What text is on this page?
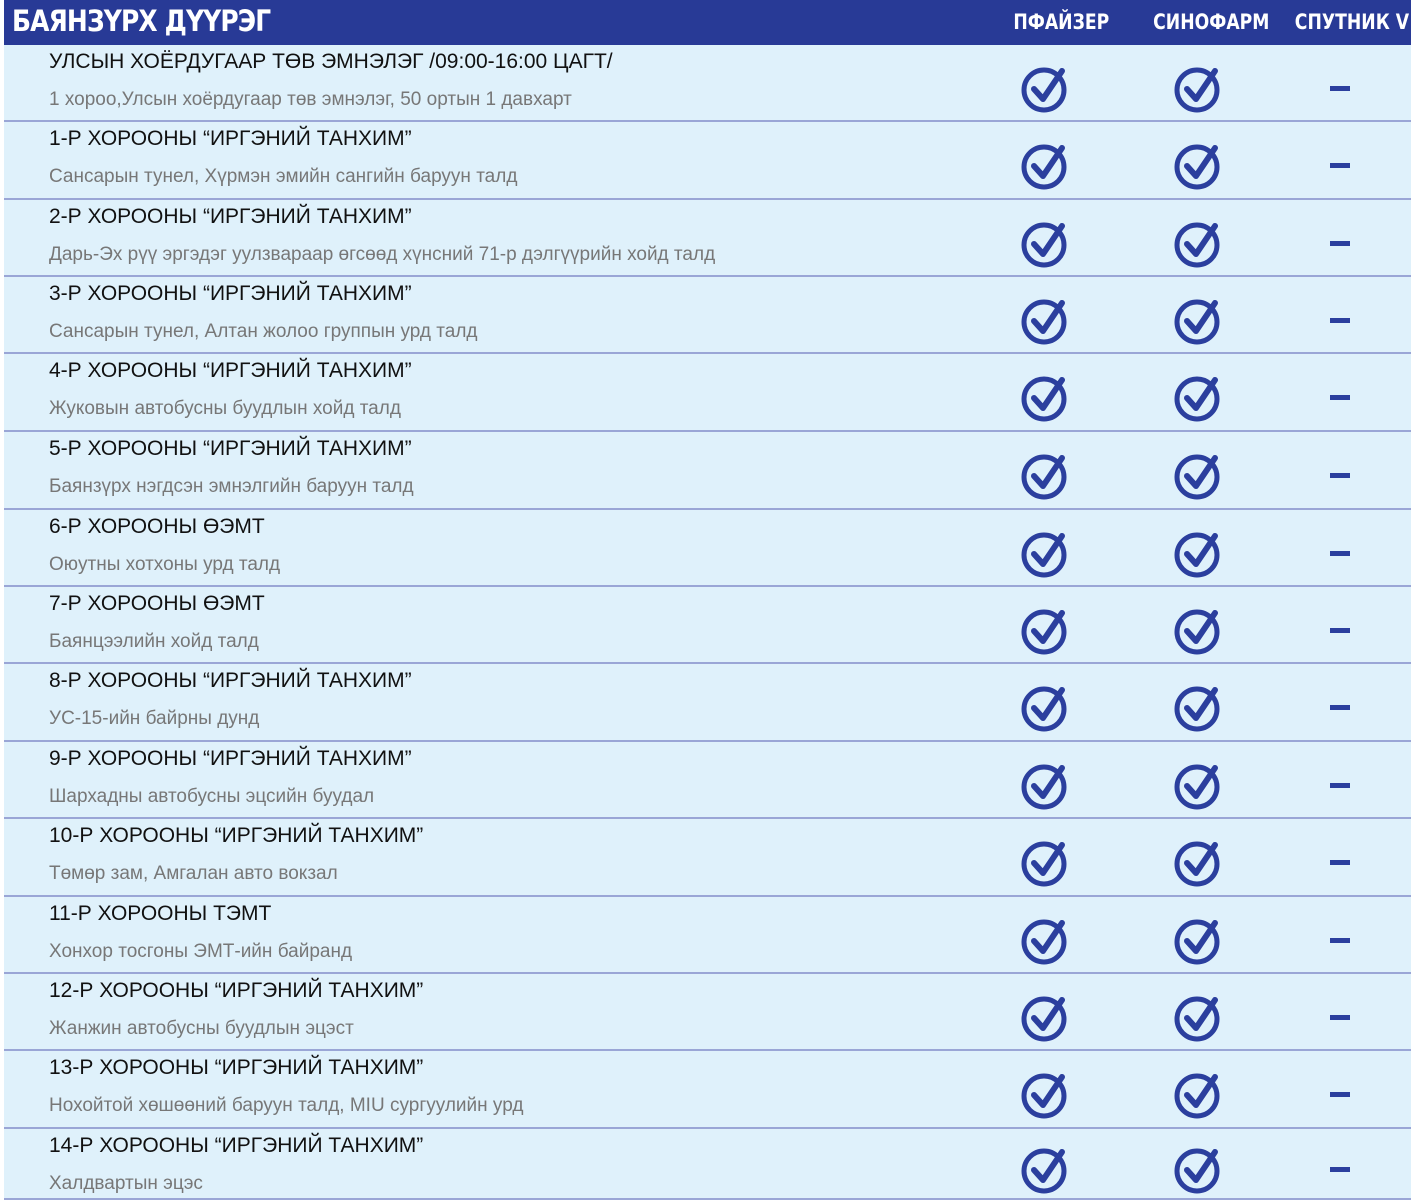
БАЯНЗҮРХ ДҮҮРЭГ	ПФАЙЗЕР СИНОФАРМ СПУТНИК V
УЛСЫН ХОЁРДУГААР ТӨВ ЭМНЭЛЭГ /09:00-16:00 ЦАГТ/
1 хороо,Улсын хоёрдугаар төв эмнэлэг, 50 ортын 1 давхарт
1-Р ХОРООНЫ “ИРГЭНИЙ ТАНХИМ”
Сансарын тунел, Хүрмэн эмийн сангийн баруун талд
2-Р ХОРООНЫ “ИРГЭНИЙ ТАНХИМ”
Дарь-Эх рүү эргэдэг уулзвараар өгсөөд хүнсний 71-р дэлгүүрийн хойд талд
3-Р ХОРООНЫ “ИРГЭНИЙ ТАНХИМ”
Сансарын тунел, Алтан жолоо группын урд талд
4-Р ХОРООНЫ “ИРГЭНИЙ ТАНХИМ”
Жуковын автобусны буудлын хойд талд
5-Р ХОРООНЫ “ИРГЭНИЙ ТАНХИМ”
Баянзүрх нэгдсэн эмнэлгийн баруун талд
6-Р ХОРООНЫ ӨЭМТ
Оюутны хотхоны урд талд
7-Р ХОРООНЫ ӨЭМТ
Баянцээлийн хойд талд
8-Р ХОРООНЫ “ИРГЭНИЙ ТАНХИМ”
УС-15-ийн байрны дунд
9-Р ХОРООНЫ “ИРГЭНИЙ ТАНХИМ”
Шархадны автобусны эцсийн буудал
10-Р ХОРООНЫ “ИРГЭНИЙ ТАНХИМ”
Төмөр зам, Амгалан авто вокзал
11-Р ХОРООНЫ ТЭМТ
Хонхор тосгоны ЭМТ-ийн байранд
12-Р ХОРООНЫ “ИРГЭНИЙ ТАНХИМ”
Жанжин автобусны буудлын эцэст
13-Р ХОРООНЫ “ИРГЭНИЙ ТАНХИМ”
Нохойтой хөшөөний баруун талд, MIU сургуулийн урд
14-Р ХОРООНЫ “ИРГЭНИЙ ТАНХИМ”
Халдвартын эцэс
